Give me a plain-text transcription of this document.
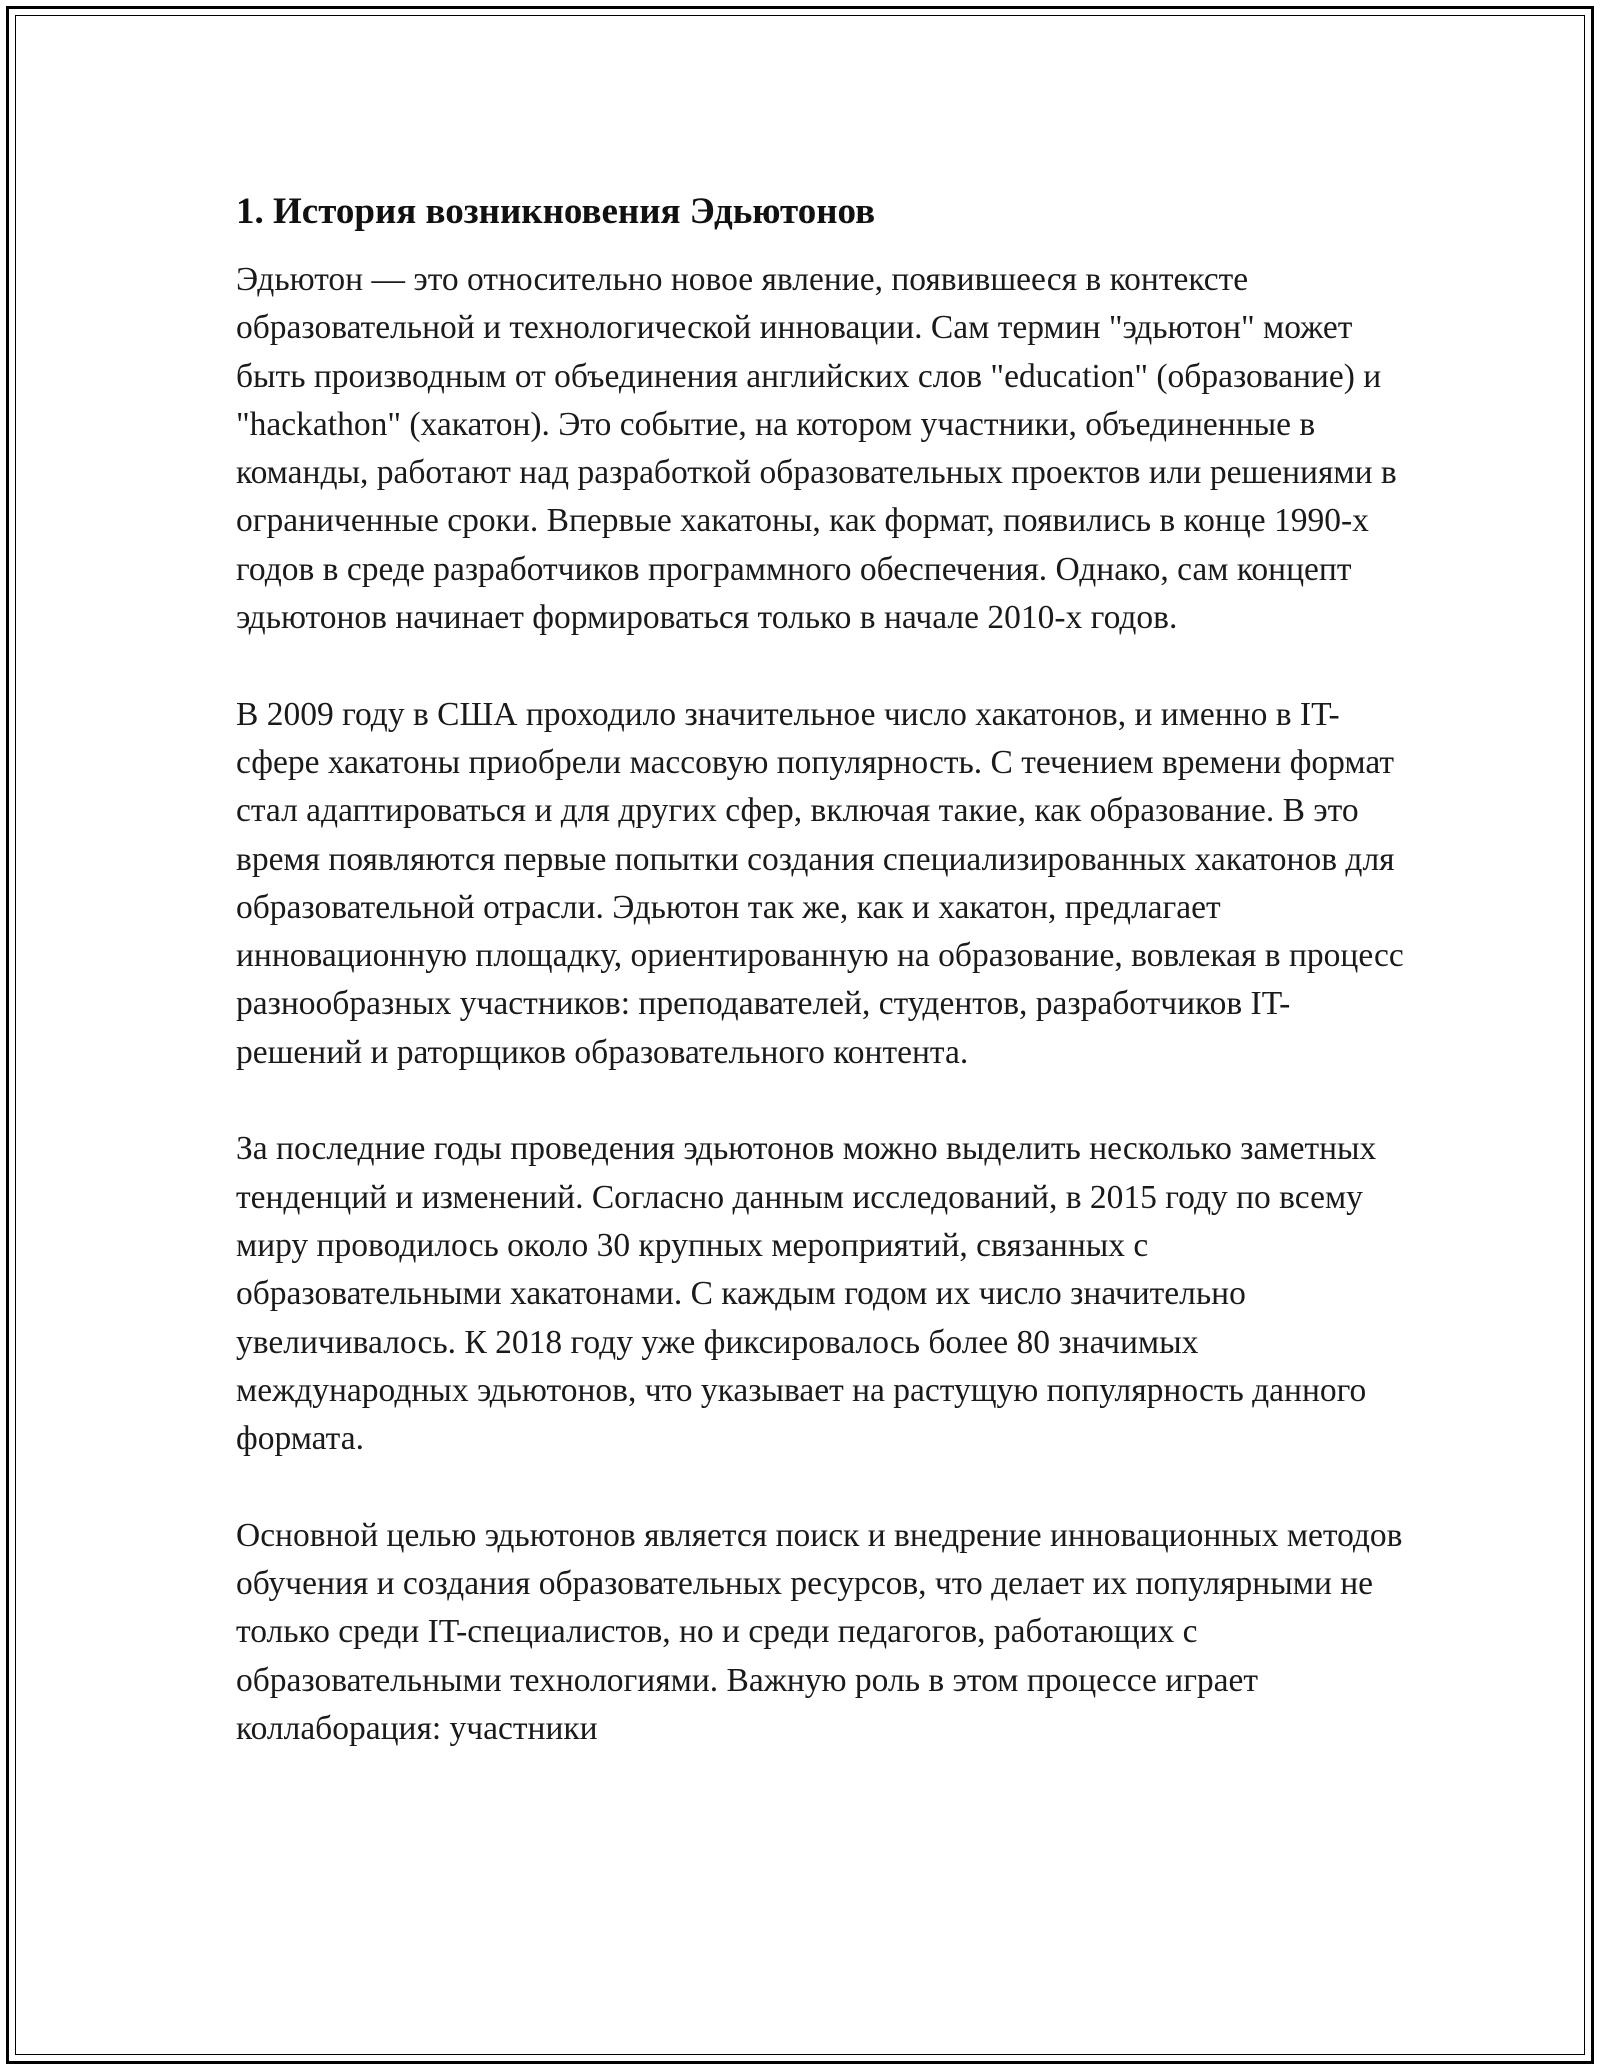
1. История возникновения Эдьютонов

Эдьютон — это относительно новое явление, появившееся в контексте образовательной и технологической инновации. Сам термин "эдьютон" может быть производным от объединения английских слов "education" (образование) и "hackathon" (хакатон). Это событие, на котором участники, объединенные в команды, работают над разработкой образовательных проектов или решениями в ограниченные сроки. Впервые хакатоны, как формат, появились в конце 1990-х годов в среде разработчиков программного обеспечения. Однако, сам концепт эдьютонов начинает формироваться только в начале 2010-х годов.

В 2009 году в США проходило значительное число хакатонов, и именно в IT-сфере хакатоны приобрели массовую популярность. С течением времени формат стал адаптироваться и для других сфер, включая такие, как образование. В это время появляются первые попытки создания специализированных хакатонов для образовательной отрасли. Эдьютон так же, как и хакатон, предлагает инновационную площадку, ориентированную на образование, вовлекая в процесс разнообразных участников: преподавателей, студентов, разработчиков IT-решений и раторщиков образовательного контента.

За последние годы проведения эдьютонов можно выделить несколько заметных тенденций и изменений. Согласно данным исследований, в 2015 году по всему миру проводилось около 30 крупных мероприятий, связанных с образовательными хакатонами. С каждым годом их число значительно увеличивалось. К 2018 году уже фиксировалось более 80 значимых международных эдьютонов, что указывает на растущую популярность данного формата.

Основной целью эдьютонов является поиск и внедрение инновационных методов обучения и создания образовательных ресурсов, что делает их популярными не только среди IT-специалистов, но и среди педагогов, работающих с образовательными технологиями. Важную роль в этом процессе играет коллаборация: участники
